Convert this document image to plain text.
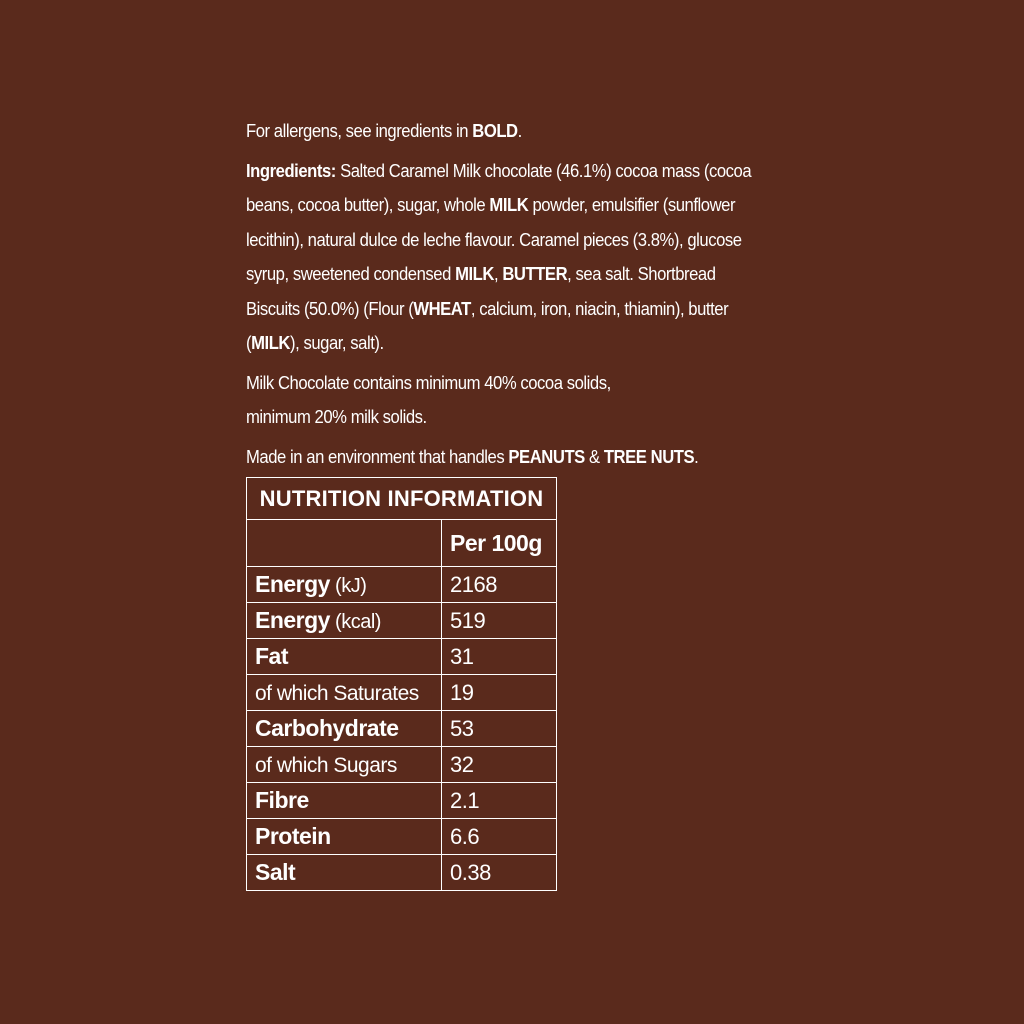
For allergens, see ingredients in BOLD.

Ingredients: Salted Caramel Milk chocolate (46.1%) cocoa mass (cocoa beans, cocoa butter), sugar, whole MILK powder, emulsifier (sunflower lecithin), natural dulce de leche flavour. Caramel pieces (3.8%), glucose syrup, sweetened condensed MILK, BUTTER, sea salt. Shortbread Biscuits (50.0%) (Flour (WHEAT, calcium, iron, niacin, thiamin), butter (MILK), sugar, salt).

Milk Chocolate contains minimum 40% cocoa solids,
minimum 20% milk solids.

Made in an environment that handles PEANUTS & TREE NUTS.

NUTRITION INFORMATION	
	Per 100g
Energy (kJ)	2168
Energy (kcal)	519
Fat	31
of which Saturates	19
Carbohydrate	53
of which Sugars	32
Fibre	2.1
Protein	6.6
Salt	0.38
